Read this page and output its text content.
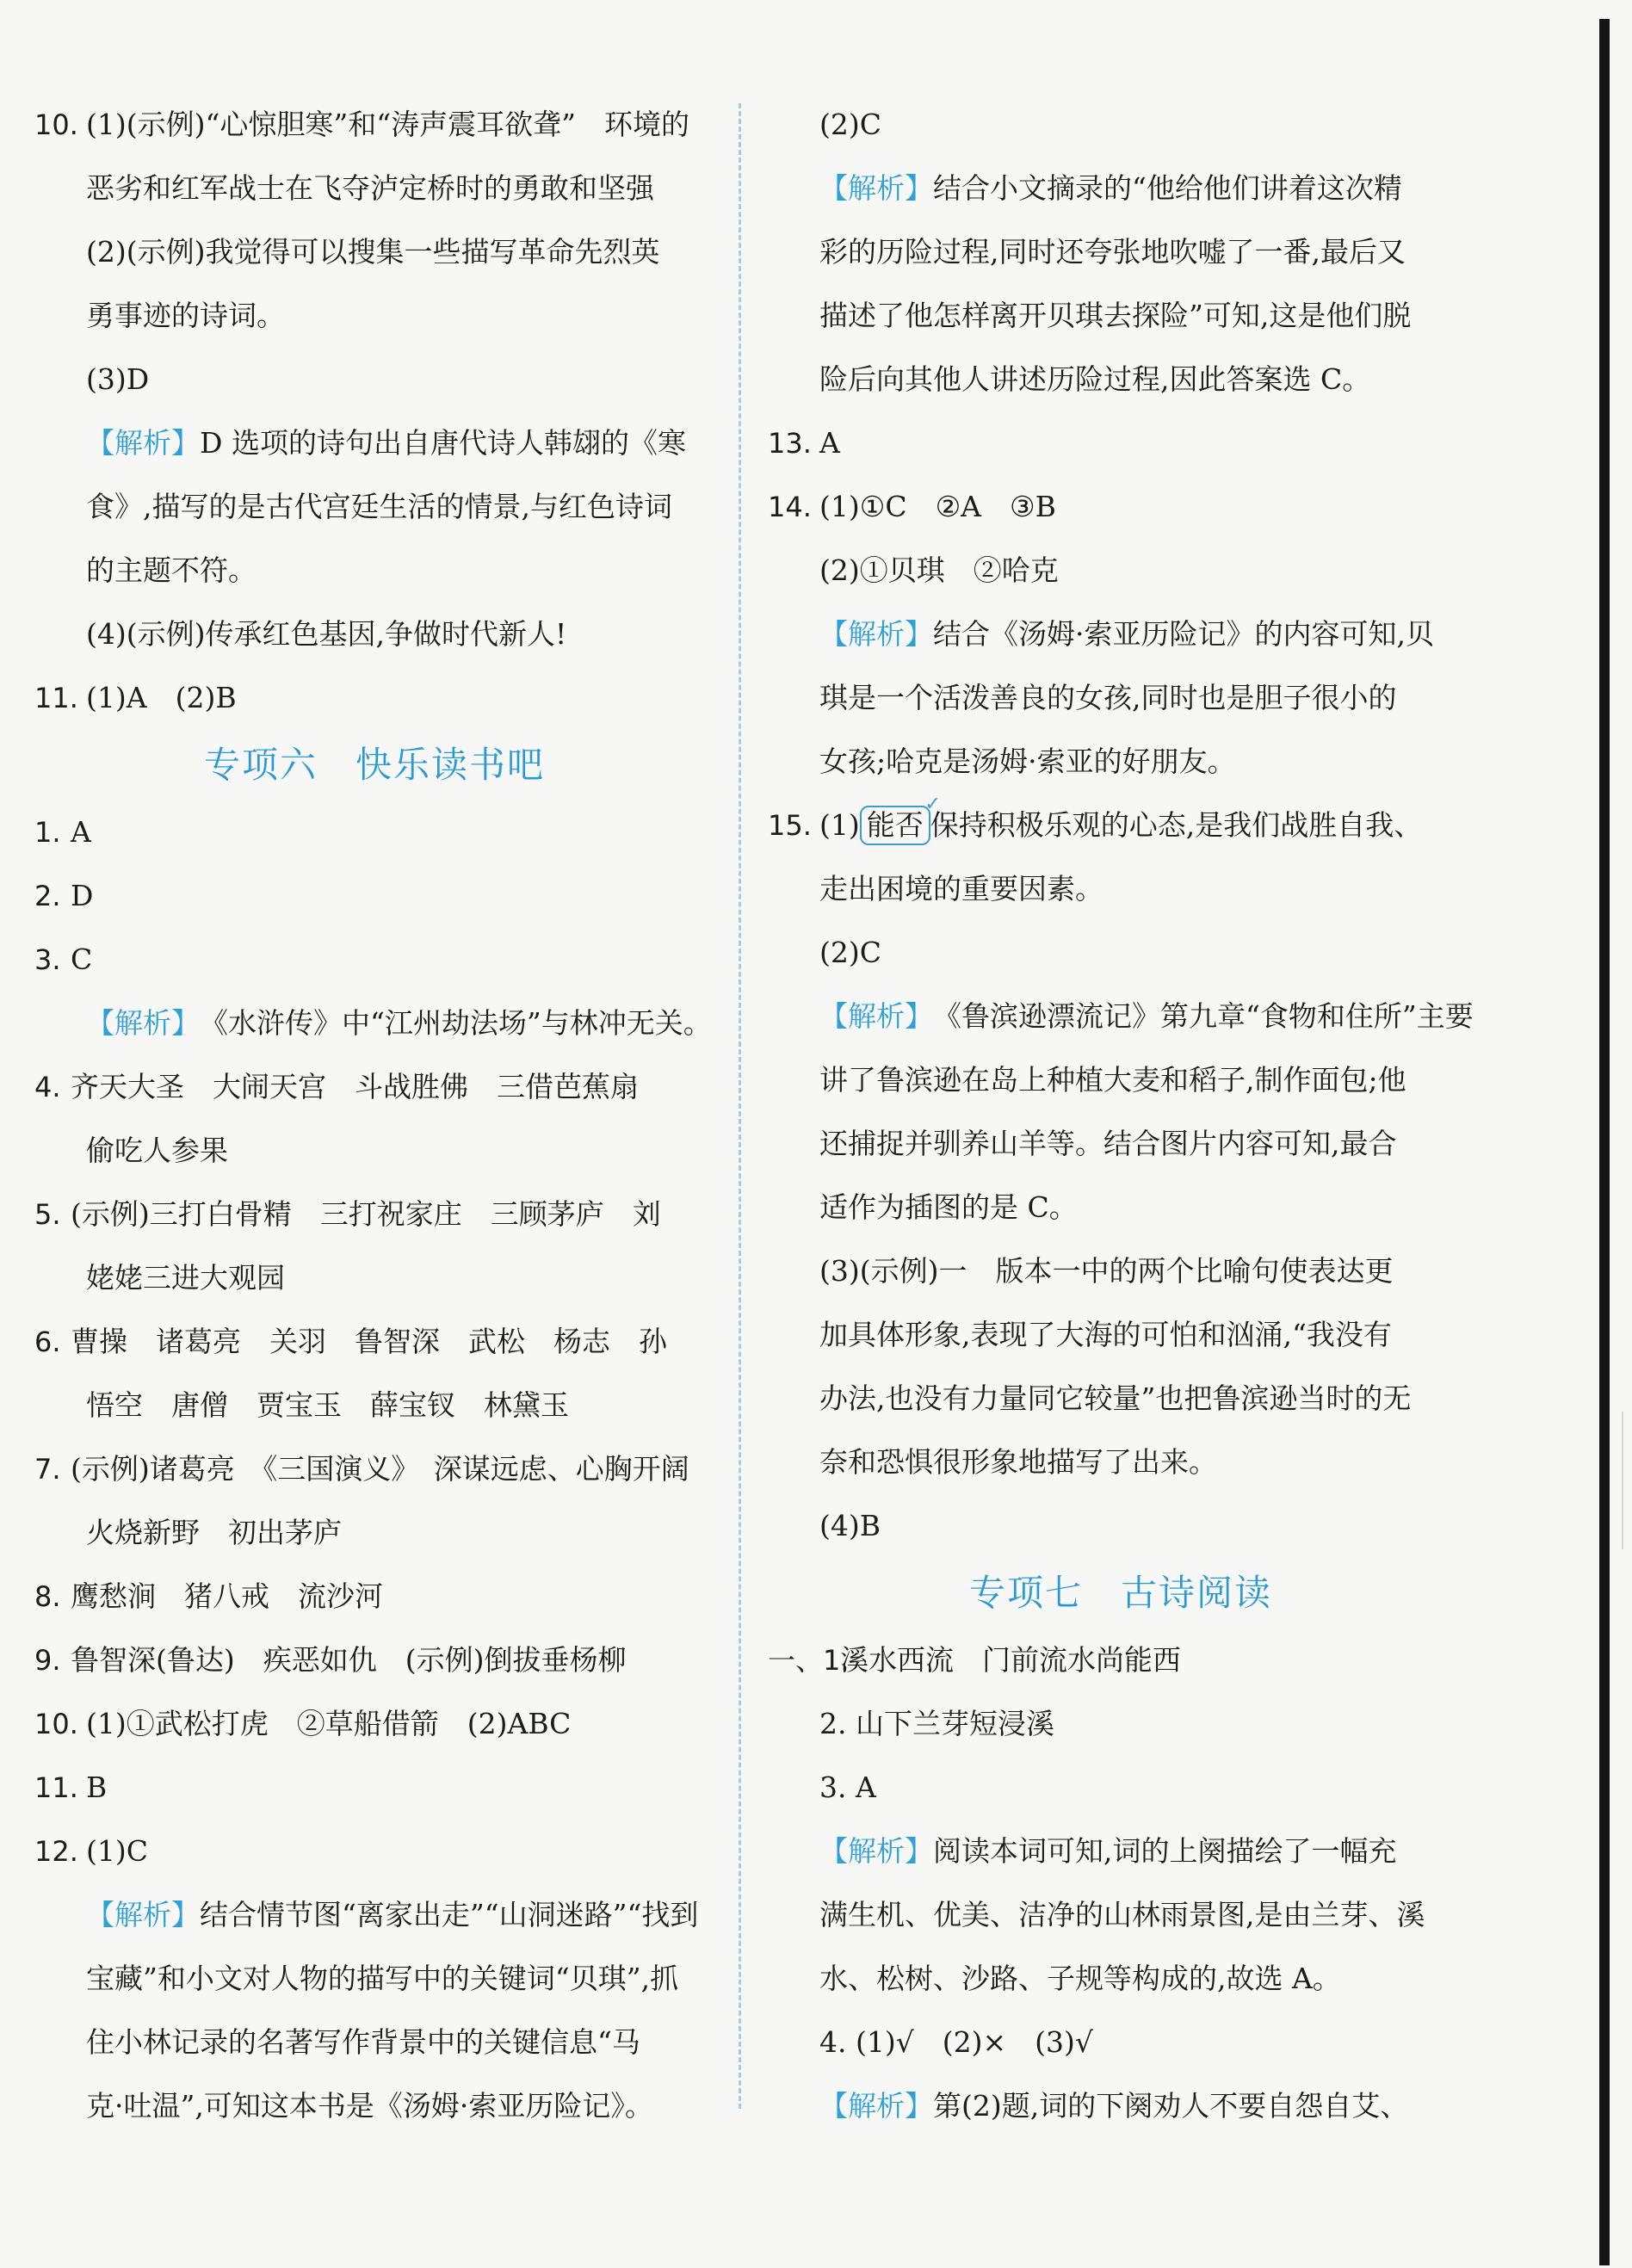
10. (1)(示例)“心惊胆寒”和“涛声震耳欲聋”　环境的
恶劣和红军战士在飞夺泸定桥时的勇敢和坚强
(2)(示例)我觉得可以搜集一些描写革命先烈英
勇事迹的诗词。
(3)D
【解析】D 选项的诗句出自唐代诗人韩翃的《寒
食》,描写的是古代宫廷生活的情景,与红色诗词
的主题不符。
(4)(示例)传承红色基因,争做时代新人!
11. (1)A　(2)B
专项六　快乐读书吧
1. A
2. D
3. C
【解析】《水浒传》中“江州劫法场”与林冲无关。
4. 齐天大圣　大闹天宫　斗战胜佛　三借芭蕉扇
偷吃人参果
5. (示例)三打白骨精　三打祝家庄　三顾茅庐　刘
姥姥三进大观园
6. 曹操　诸葛亮　关羽　鲁智深　武松　杨志　孙
悟空　唐僧　贾宝玉　薛宝钗　林黛玉
7. (示例)诸葛亮　《三国演义》　深谋远虑、心胸开阔
火烧新野　初出茅庐
8. 鹰愁涧　猪八戒　流沙河
9. 鲁智深(鲁达)　疾恶如仇　(示例)倒拔垂杨柳
10. (1)①武松打虎　②草船借箭　(2)ABC
11. B
12. (1)C
【解析】结合情节图“离家出走”“山洞迷路”“找到
宝藏”和小文对人物的描写中的关键词“贝琪”,抓
住小林记录的名著写作背景中的关键信息“马
克·吐温”,可知这本书是《汤姆·索亚历险记》。
(2)C
【解析】结合小文摘录的“他给他们讲着这次精
彩的历险过程,同时还夸张地吹嘘了一番,最后又
描述了他怎样离开贝琪去探险”可知,这是他们脱
险后向其他人讲述历险过程,因此答案选 C。
13. A
14. (1)①C　②A　③B
(2)①贝琪　②哈克
【解析】结合《汤姆·索亚历险记》的内容可知,贝
琪是一个活泼善良的女孩,同时也是胆子很小的
女孩;哈克是汤姆·索亚的好朋友。
15. (1) 能否
✓
保持积极乐观的心态,是我们战胜自我、
走出困境的重要因素。
(2)C
【解析】《鲁滨逊漂流记》第九章“食物和住所”主要
讲了鲁滨逊在岛上种植大麦和稻子,制作面包;他
还捕捉并驯养山羊等。结合图片内容可知,最合
适作为插图的是 C。
(3)(示例)一　版本一中的两个比喻句使表达更
加具体形象,表现了大海的可怕和汹涌,“我没有
办法,也没有力量同它较量”也把鲁滨逊当时的无
奈和恐惧很形象地描写了出来。
(4)B
专项七　古诗阅读
一、1.
溪水西流　门前流水尚能西
2. 山下兰芽短浸溪
3. A
【解析】阅读本词可知,词的上阕描绘了一幅充
满生机、优美、洁净的山林雨景图,是由兰芽、溪
水、松树、沙路、子规等构成的,故选 A。
4. (1)√　(2)×　(3)√
【解析】第(2)题,词的下阕劝人不要自怨自艾、
